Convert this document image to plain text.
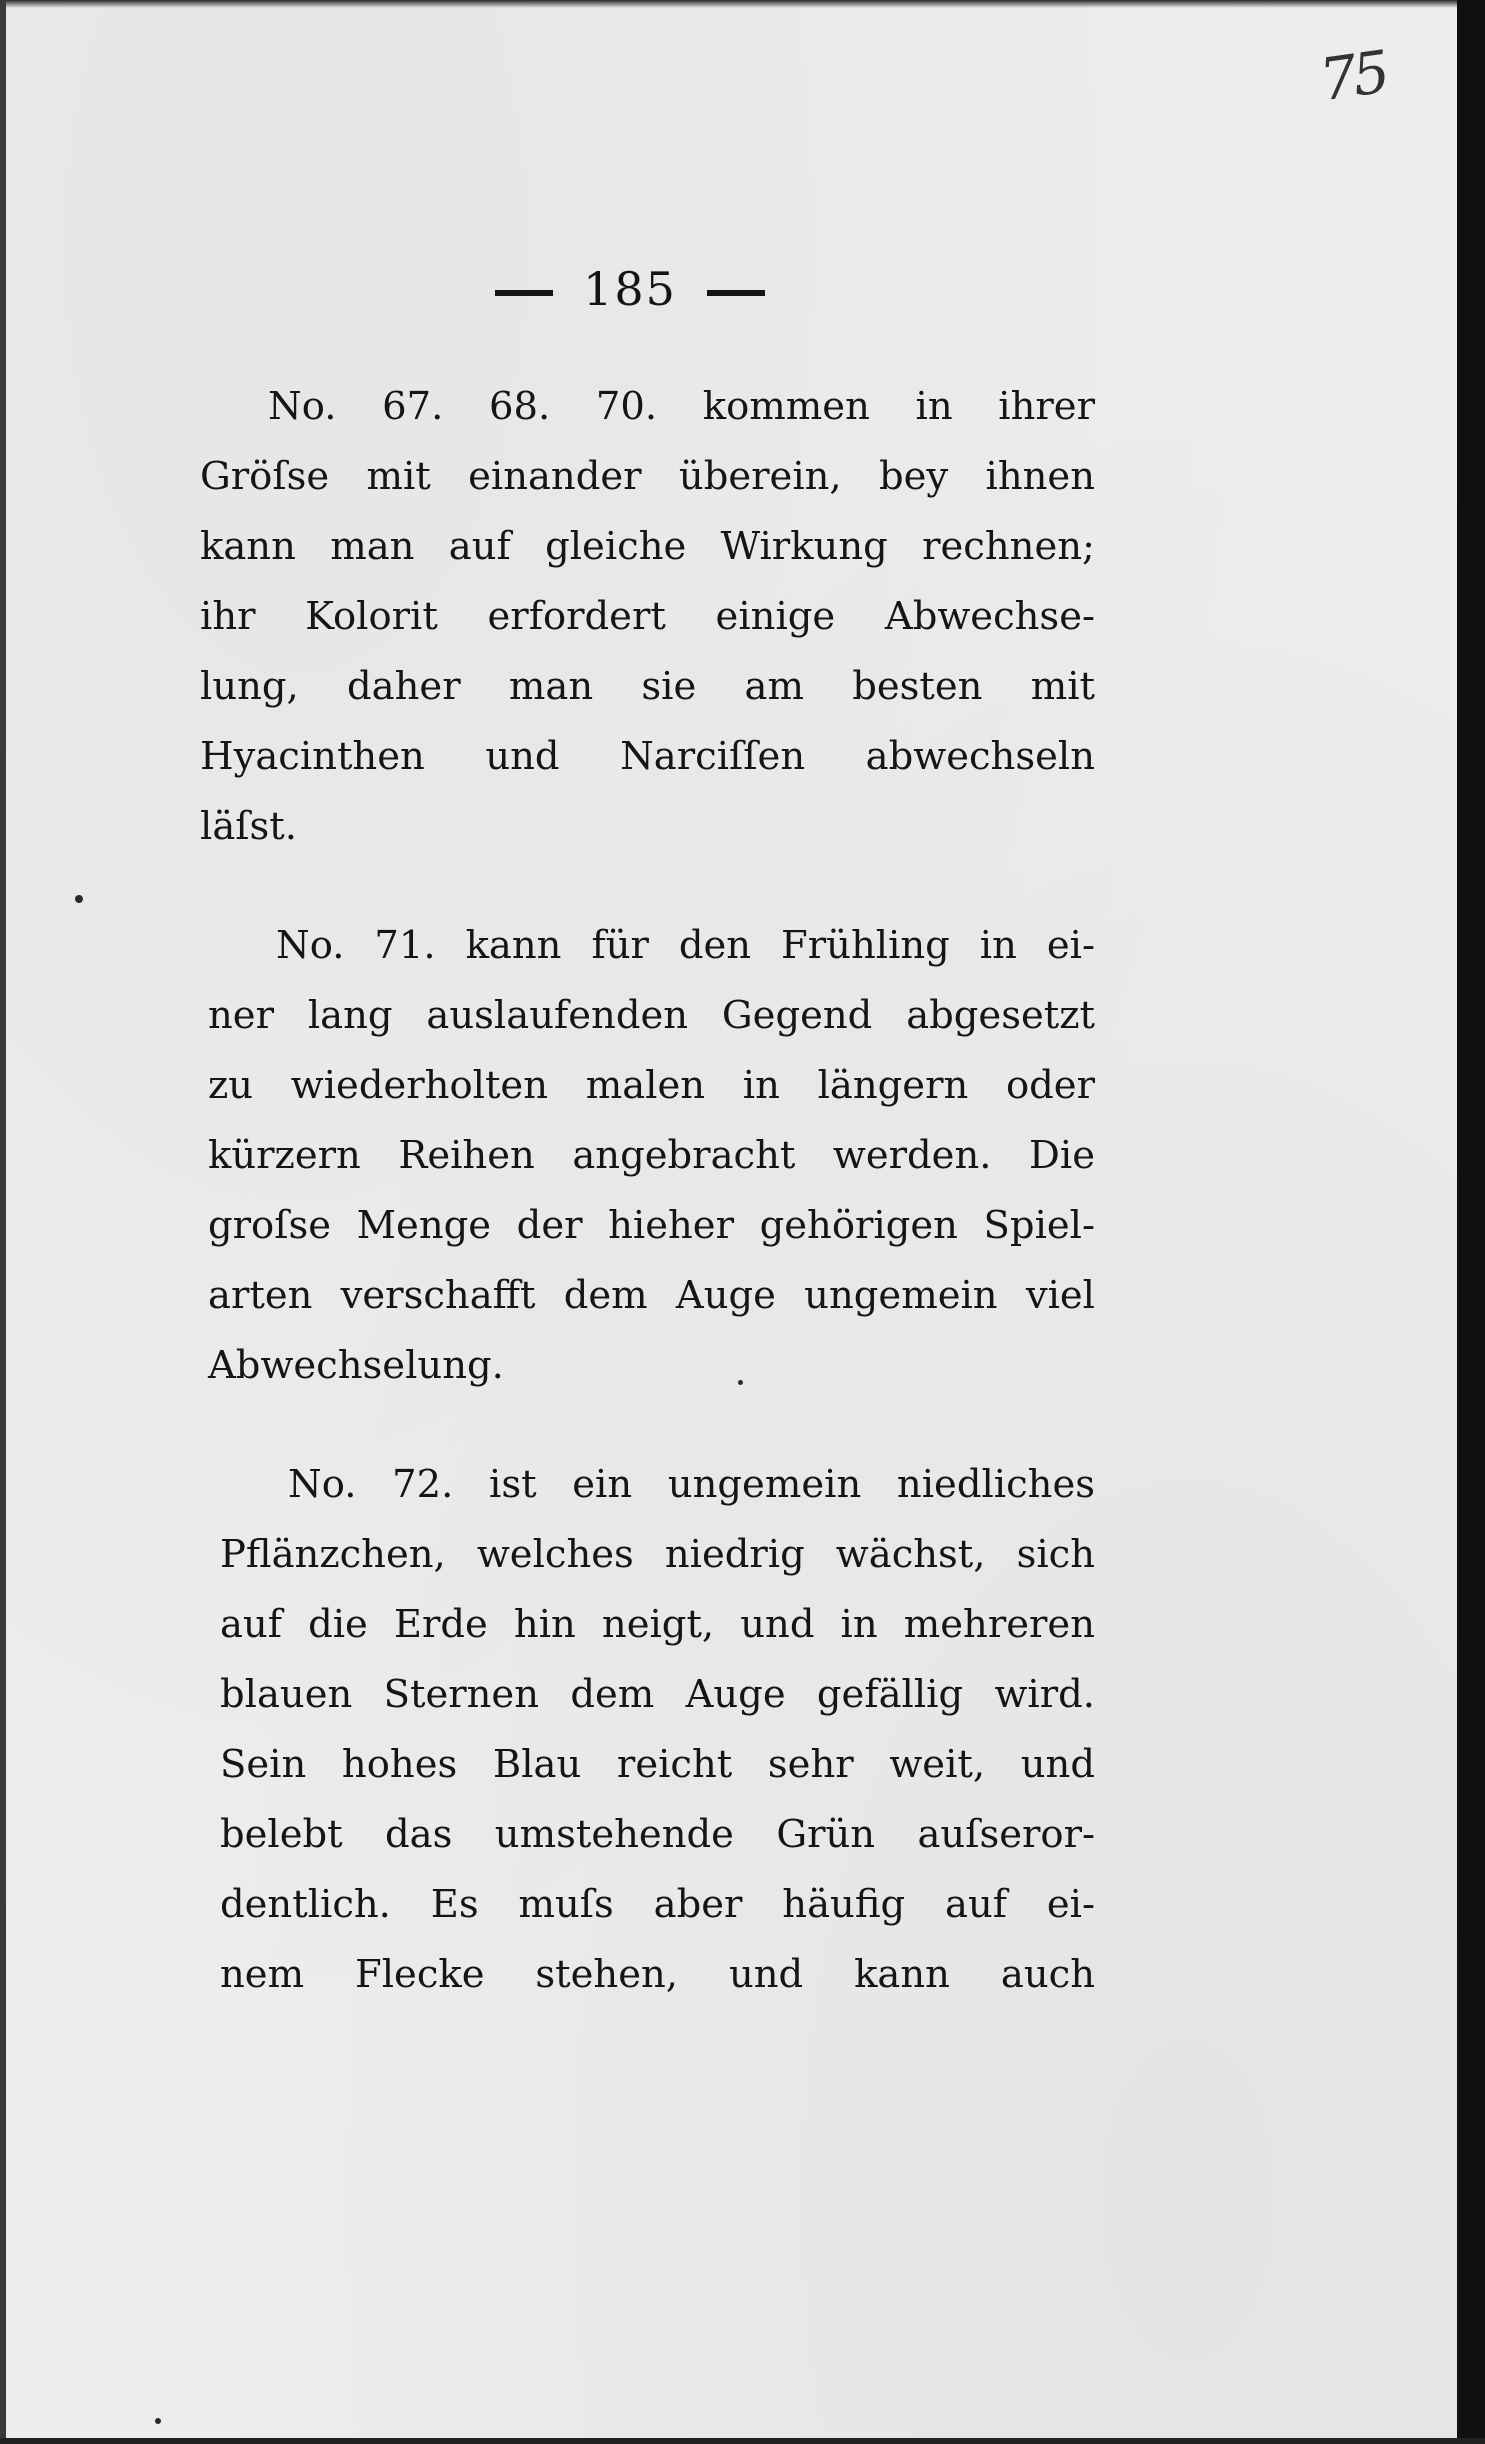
75
185

No. 67. 68. 70. kommen in ihrer
Gröſse mit einander überein, bey ihnen
kann man auf gleiche Wirkung rechnen;
ihr Kolorit erfordert einige Abwechse-
lung, daher man sie am besten mit
Hyacinthen und Narciſſen abwechseln
läſst.

No. 71. kann für den Frühling in ei-
ner lang auslaufenden Gegend abgesetzt
zu wiederholten malen in längern oder
kürzern Reihen angebracht werden. Die
groſse Menge der hieher gehörigen Spiel-
arten verschafft dem Auge ungemein viel
Abwechselung.

No. 72. ist ein ungemein niedliches
Pflänzchen, welches niedrig wächst, sich
auf die Erde hin neigt, und in mehreren
blauen Sternen dem Auge gefällig wird.
Sein hohes Blau reicht sehr weit, und
belebt das umstehende Grün auſseror-
dentlich. Es muſs aber häufig auf ei-
nem Flecke stehen, und kann auch
